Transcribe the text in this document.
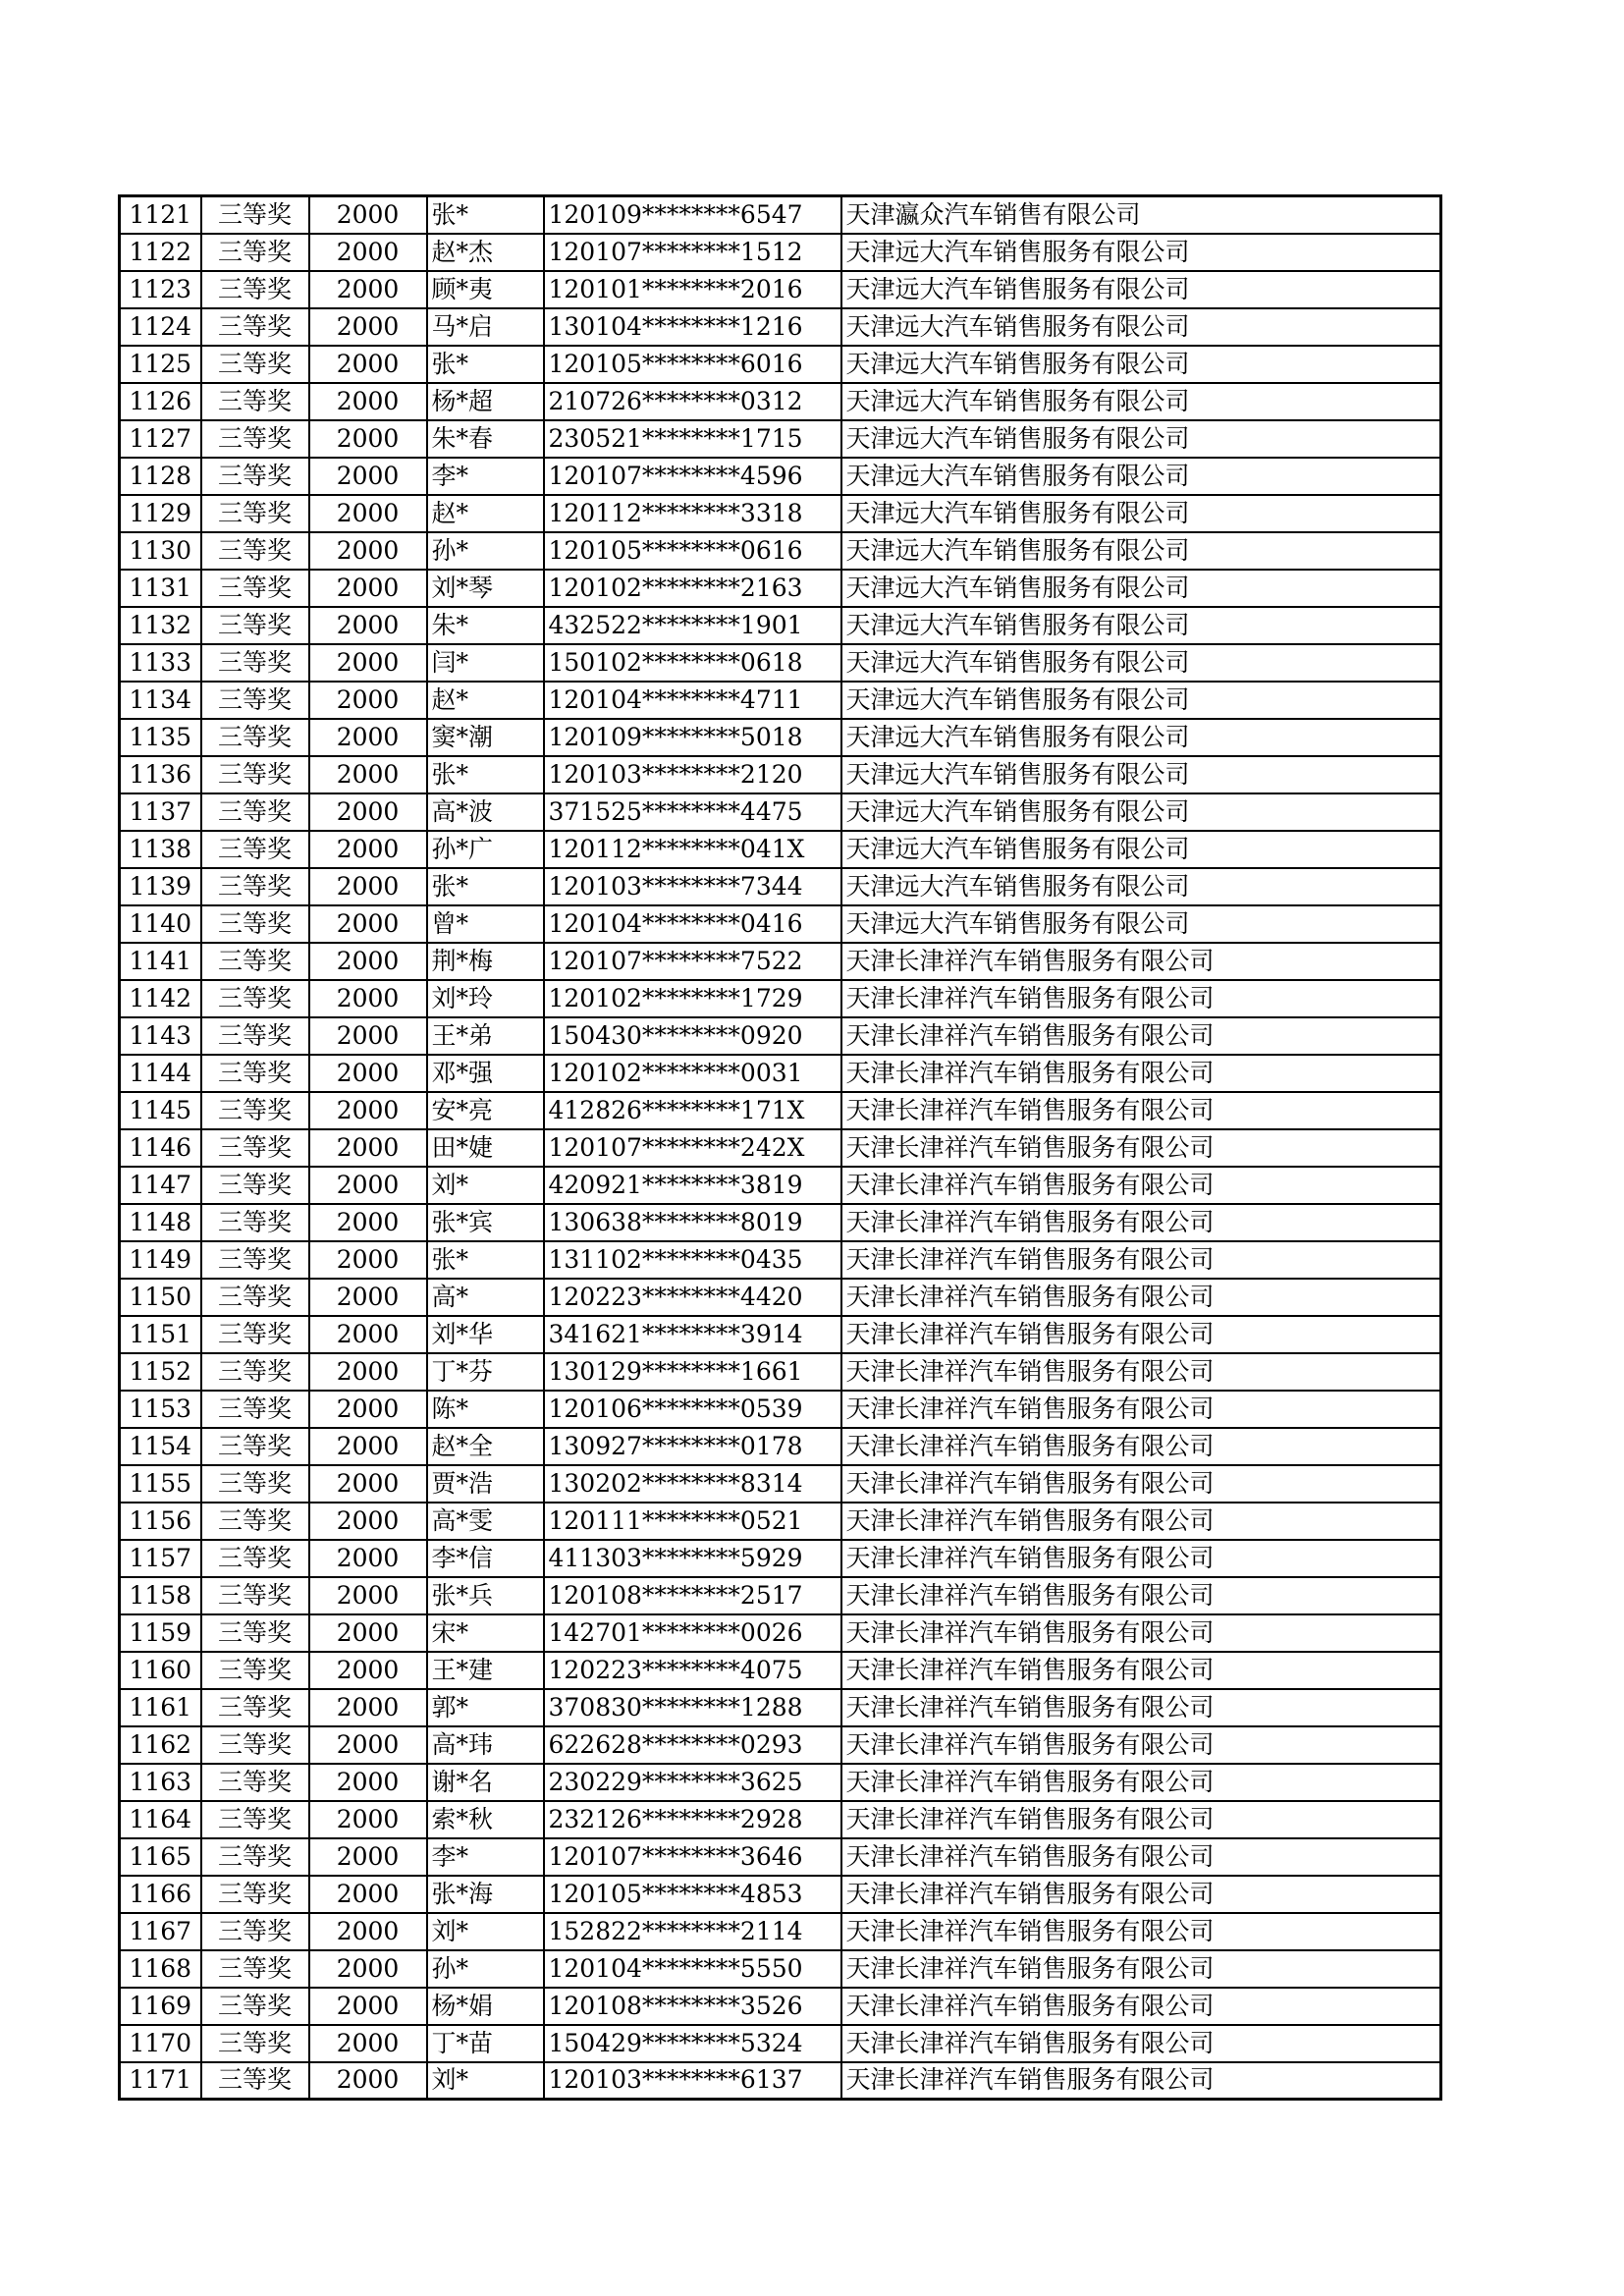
1121	三等奖	2000	张*	120109********6547	天津瀛众汽车销售有限公司
1122	三等奖	2000	赵*杰	120107********1512	天津远大汽车销售服务有限公司
1123	三等奖	2000	顾*夷	120101********2016	天津远大汽车销售服务有限公司
1124	三等奖	2000	马*启	130104********1216	天津远大汽车销售服务有限公司
1125	三等奖	2000	张*	120105********6016	天津远大汽车销售服务有限公司
1126	三等奖	2000	杨*超	210726********0312	天津远大汽车销售服务有限公司
1127	三等奖	2000	朱*春	230521********1715	天津远大汽车销售服务有限公司
1128	三等奖	2000	李*	120107********4596	天津远大汽车销售服务有限公司
1129	三等奖	2000	赵*	120112********3318	天津远大汽车销售服务有限公司
1130	三等奖	2000	孙*	120105********0616	天津远大汽车销售服务有限公司
1131	三等奖	2000	刘*琴	120102********2163	天津远大汽车销售服务有限公司
1132	三等奖	2000	朱*	432522********1901	天津远大汽车销售服务有限公司
1133	三等奖	2000	闫*	150102********0618	天津远大汽车销售服务有限公司
1134	三等奖	2000	赵*	120104********4711	天津远大汽车销售服务有限公司
1135	三等奖	2000	窦*潮	120109********5018	天津远大汽车销售服务有限公司
1136	三等奖	2000	张*	120103********2120	天津远大汽车销售服务有限公司
1137	三等奖	2000	高*波	371525********4475	天津远大汽车销售服务有限公司
1138	三等奖	2000	孙*广	120112********041X	天津远大汽车销售服务有限公司
1139	三等奖	2000	张*	120103********7344	天津远大汽车销售服务有限公司
1140	三等奖	2000	曾*	120104********0416	天津远大汽车销售服务有限公司
1141	三等奖	2000	荆*梅	120107********7522	天津长津祥汽车销售服务有限公司
1142	三等奖	2000	刘*玲	120102********1729	天津长津祥汽车销售服务有限公司
1143	三等奖	2000	王*弟	150430********0920	天津长津祥汽车销售服务有限公司
1144	三等奖	2000	邓*强	120102********0031	天津长津祥汽车销售服务有限公司
1145	三等奖	2000	安*亮	412826********171X	天津长津祥汽车销售服务有限公司
1146	三等奖	2000	田*婕	120107********242X	天津长津祥汽车销售服务有限公司
1147	三等奖	2000	刘*	420921********3819	天津长津祥汽车销售服务有限公司
1148	三等奖	2000	张*宾	130638********8019	天津长津祥汽车销售服务有限公司
1149	三等奖	2000	张*	131102********0435	天津长津祥汽车销售服务有限公司
1150	三等奖	2000	高*	120223********4420	天津长津祥汽车销售服务有限公司
1151	三等奖	2000	刘*华	341621********3914	天津长津祥汽车销售服务有限公司
1152	三等奖	2000	丁*芬	130129********1661	天津长津祥汽车销售服务有限公司
1153	三等奖	2000	陈*	120106********0539	天津长津祥汽车销售服务有限公司
1154	三等奖	2000	赵*全	130927********0178	天津长津祥汽车销售服务有限公司
1155	三等奖	2000	贾*浩	130202********8314	天津长津祥汽车销售服务有限公司
1156	三等奖	2000	高*雯	120111********0521	天津长津祥汽车销售服务有限公司
1157	三等奖	2000	李*信	411303********5929	天津长津祥汽车销售服务有限公司
1158	三等奖	2000	张*兵	120108********2517	天津长津祥汽车销售服务有限公司
1159	三等奖	2000	宋*	142701********0026	天津长津祥汽车销售服务有限公司
1160	三等奖	2000	王*建	120223********4075	天津长津祥汽车销售服务有限公司
1161	三等奖	2000	郭*	370830********1288	天津长津祥汽车销售服务有限公司
1162	三等奖	2000	高*玮	622628********0293	天津长津祥汽车销售服务有限公司
1163	三等奖	2000	谢*名	230229********3625	天津长津祥汽车销售服务有限公司
1164	三等奖	2000	索*秋	232126********2928	天津长津祥汽车销售服务有限公司
1165	三等奖	2000	李*	120107********3646	天津长津祥汽车销售服务有限公司
1166	三等奖	2000	张*海	120105********4853	天津长津祥汽车销售服务有限公司
1167	三等奖	2000	刘*	152822********2114	天津长津祥汽车销售服务有限公司
1168	三等奖	2000	孙*	120104********5550	天津长津祥汽车销售服务有限公司
1169	三等奖	2000	杨*娟	120108********3526	天津长津祥汽车销售服务有限公司
1170	三等奖	2000	丁*苗	150429********5324	天津长津祥汽车销售服务有限公司
1171	三等奖	2000	刘*	120103********6137	天津长津祥汽车销售服务有限公司
